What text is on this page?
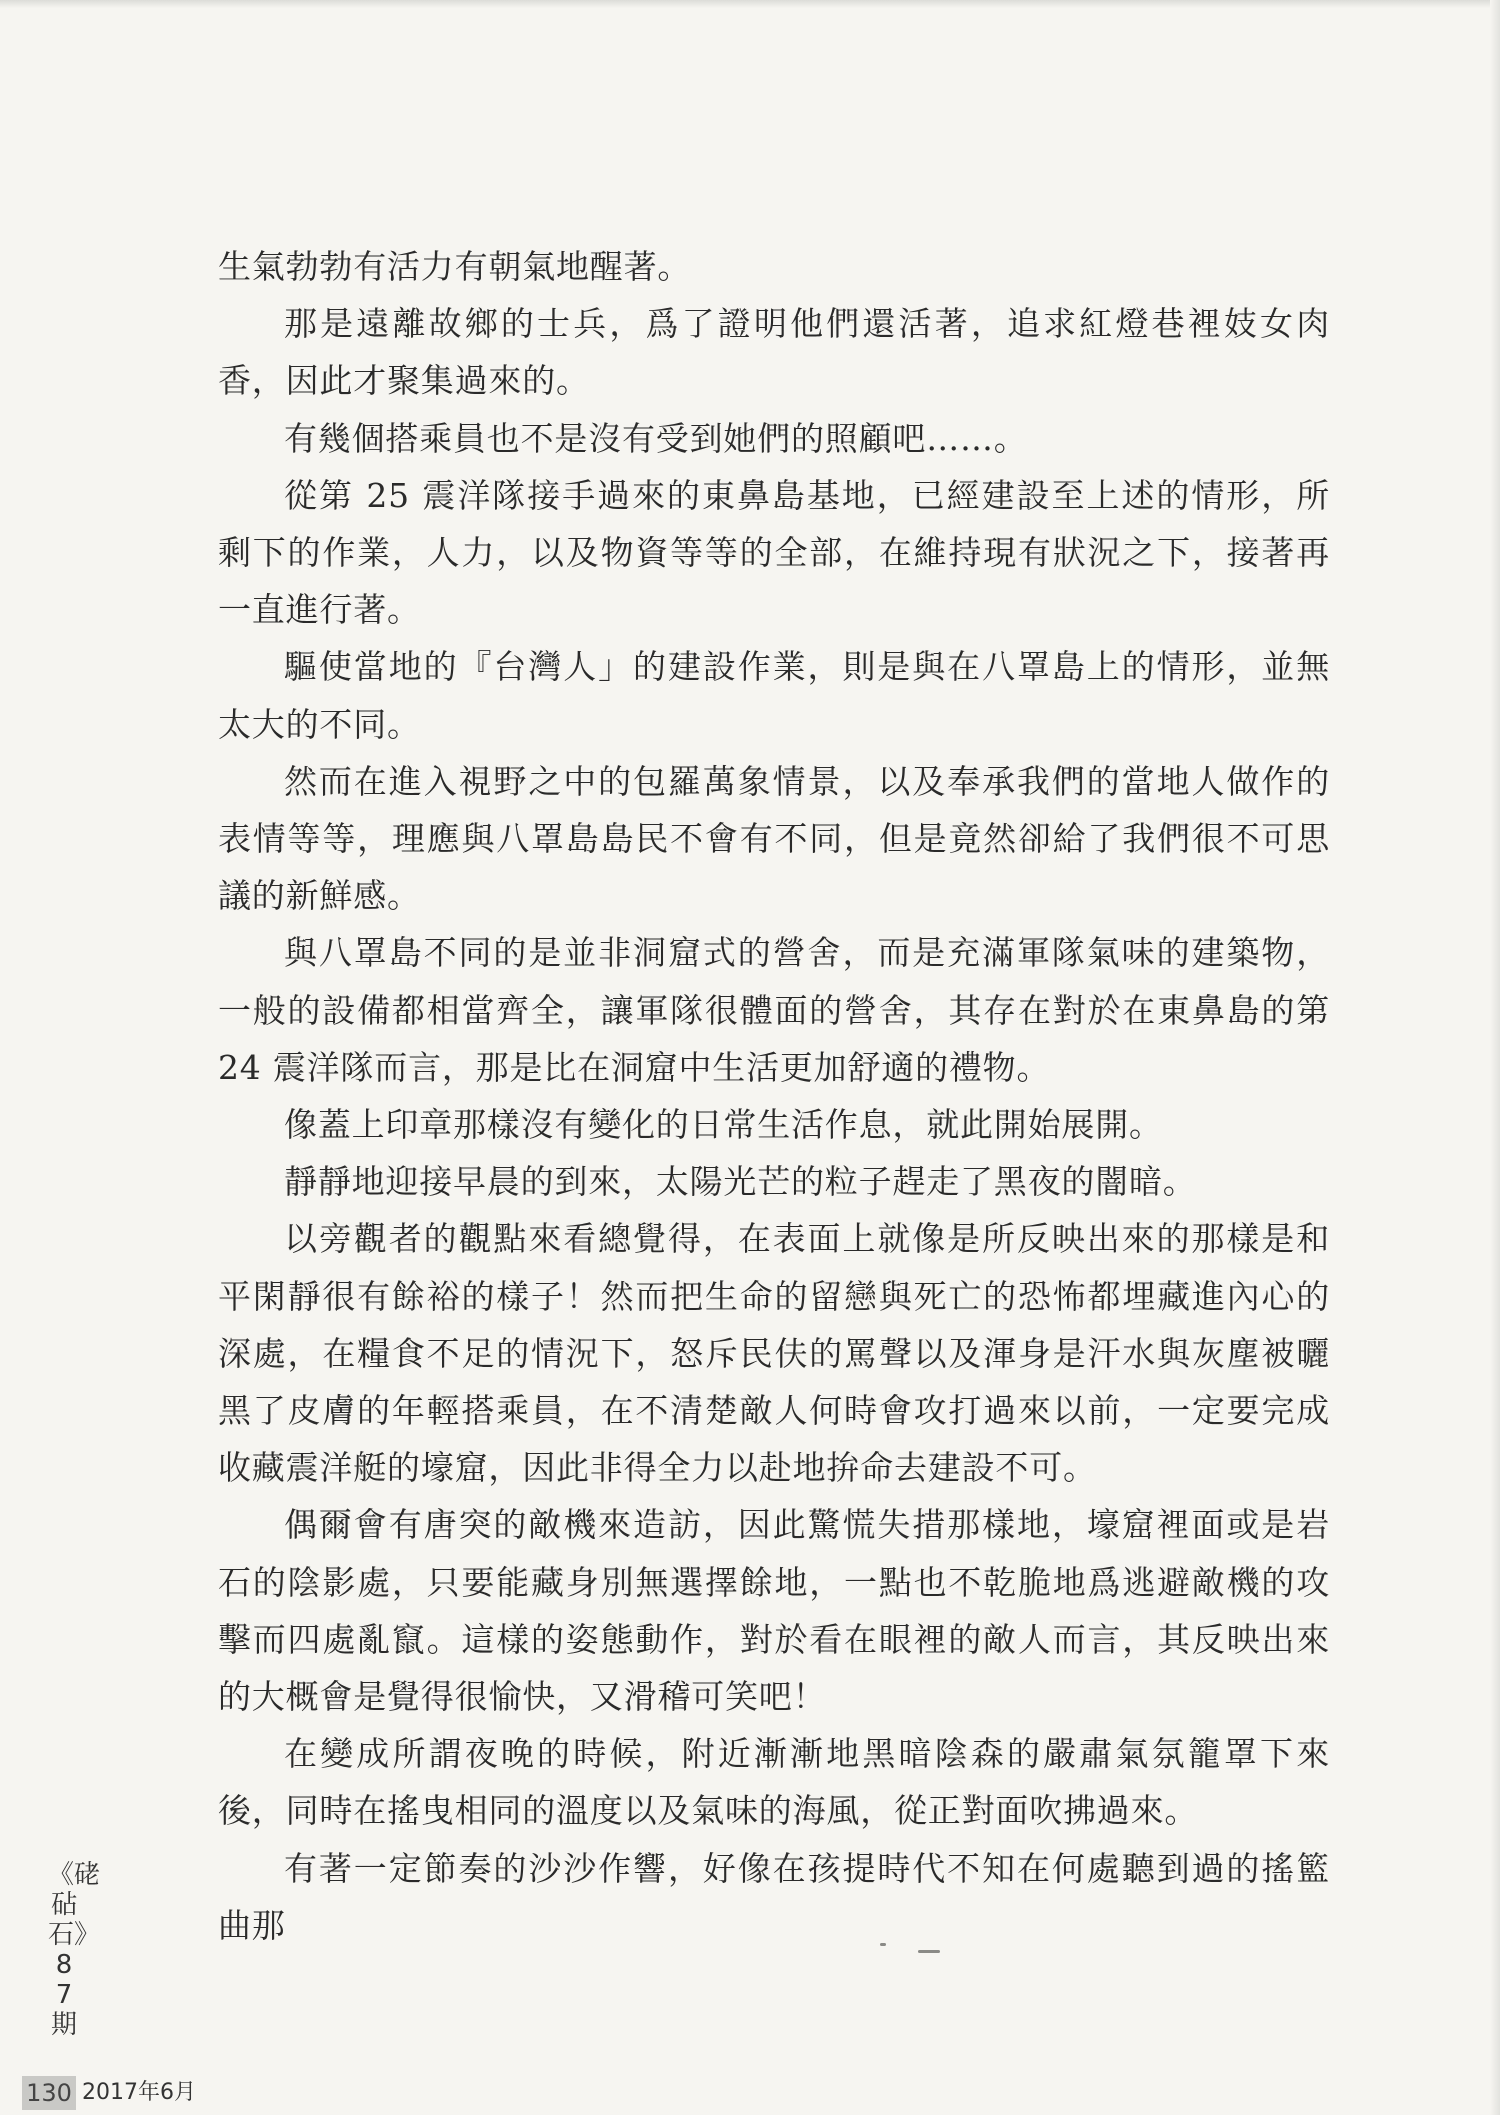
生氣勃勃有活力有朝氣地醒著。

那是遠離故鄉的士兵，爲了證明他們還活著，追求紅燈巷裡妓女肉香，因此才聚集過來的。

有幾個搭乘員也不是沒有受到她們的照顧吧……。

從第 25 震洋隊接手過來的東鼻島基地，已經建設至上述的情形，所剩下的作業，人力，以及物資等等的全部，在維持現有狀況之下，接著再一直進行著。

驅使當地的『台灣人」的建設作業，則是與在八罩島上的情形，並無太大的不同。

然而在進入視野之中的包羅萬象情景，以及奉承我們的當地人做作的表情等等，理應與八罩島島民不會有不同，但是竟然卻給了我們很不可思議的新鮮感。

與八罩島不同的是並非洞窟式的營舍，而是充滿軍隊氣味的建築物，一般的設備都相當齊全，讓軍隊很體面的營舍，其存在對於在東鼻島的第 24 震洋隊而言，那是比在洞窟中生活更加舒適的禮物。

像蓋上印章那樣沒有變化的日常生活作息，就此開始展開。

靜靜地迎接早晨的到來，太陽光芒的粒子趕走了黑夜的闇暗。

以旁觀者的觀點來看總覺得，在表面上就像是所反映出來的那樣是和平閑靜很有餘裕的樣子！然而把生命的留戀與死亡的恐怖都埋藏進內心的深處，在糧食不足的情況下，怒斥民伕的罵聲以及渾身是汗水與灰塵被曬黑了皮膚的年輕搭乘員，在不清楚敵人何時會攻打過來以前，一定要完成收藏震洋艇的壕窟，因此非得全力以赴地拚命去建設不可。

偶爾會有唐突的敵機來造訪，因此驚慌失措那樣地，壕窟裡面或是岩石的陰影處，只要能藏身別無選擇餘地，一點也不乾脆地爲逃避敵機的攻擊而四處亂竄。這樣的姿態動作，對於看在眼裡的敵人而言，其反映出來的大概會是覺得很愉快，又滑稽可笑吧！

在變成所謂夜晚的時候，附近漸漸地黑暗陰森的嚴肅氣氛籠罩下來後，同時在搖曳相同的溫度以及氣味的海風，從正對面吹拂過來。

有著一定節奏的沙沙作響，好像在孩提時代不知在何處聽到過的搖籃曲那

《硓砧石》87期
130 2017年6月
